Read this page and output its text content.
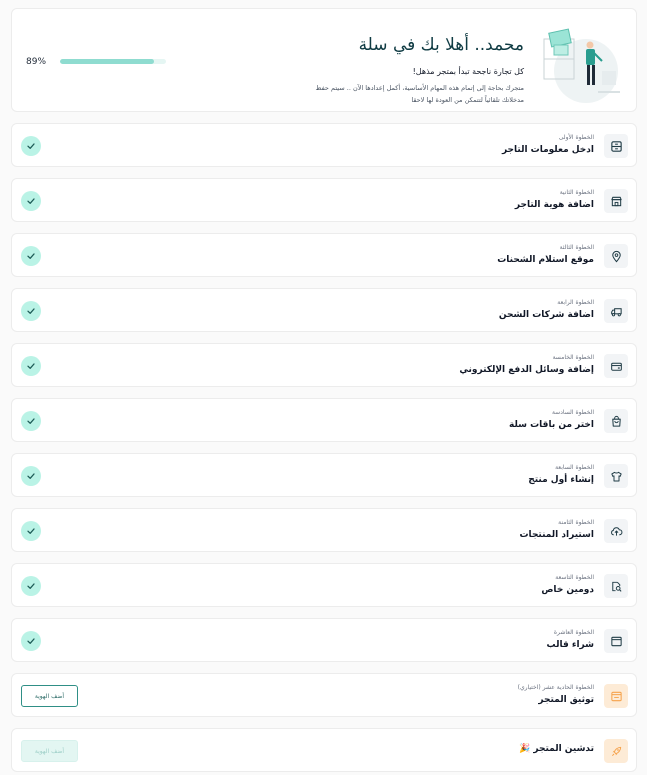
محمد.. أهلا بك في سلة
كل تجارة ناجحة تبدأ بمتجر مذهل!
متجرك بحاجة إلى إتمام هذه المهام الأساسية، أكمل إعدادها الآن .. سيتم حفظ مدخلاتك تلقائياً لتتمكن من العودة لها لاحقا
89%
الخطوة الأولى
ادخل معلومات التاجر
الخطوة الثانية
اضافة هوية التاجر
الخطوة الثالثة
موقع استلام الشحنات
الخطوة الرابعة
اضافة شركات الشحن
الخطوة الخامسة
إضافة وسائل الدفع الإلكتروني
الخطوة السادسة
اختر من باقات سلة
الخطوة السابعة
إنشاء أول منتج
الخطوة الثامنة
استيراد المنتجات
الخطوة التاسعة
دومين خاص
الخطوة العاشرة
شراء قالب
الخطوة الحادية عشر (اختياري)
توثيق المتجر
أضف الهوية
تدشين المتجر 🎉
أضف الهوية
